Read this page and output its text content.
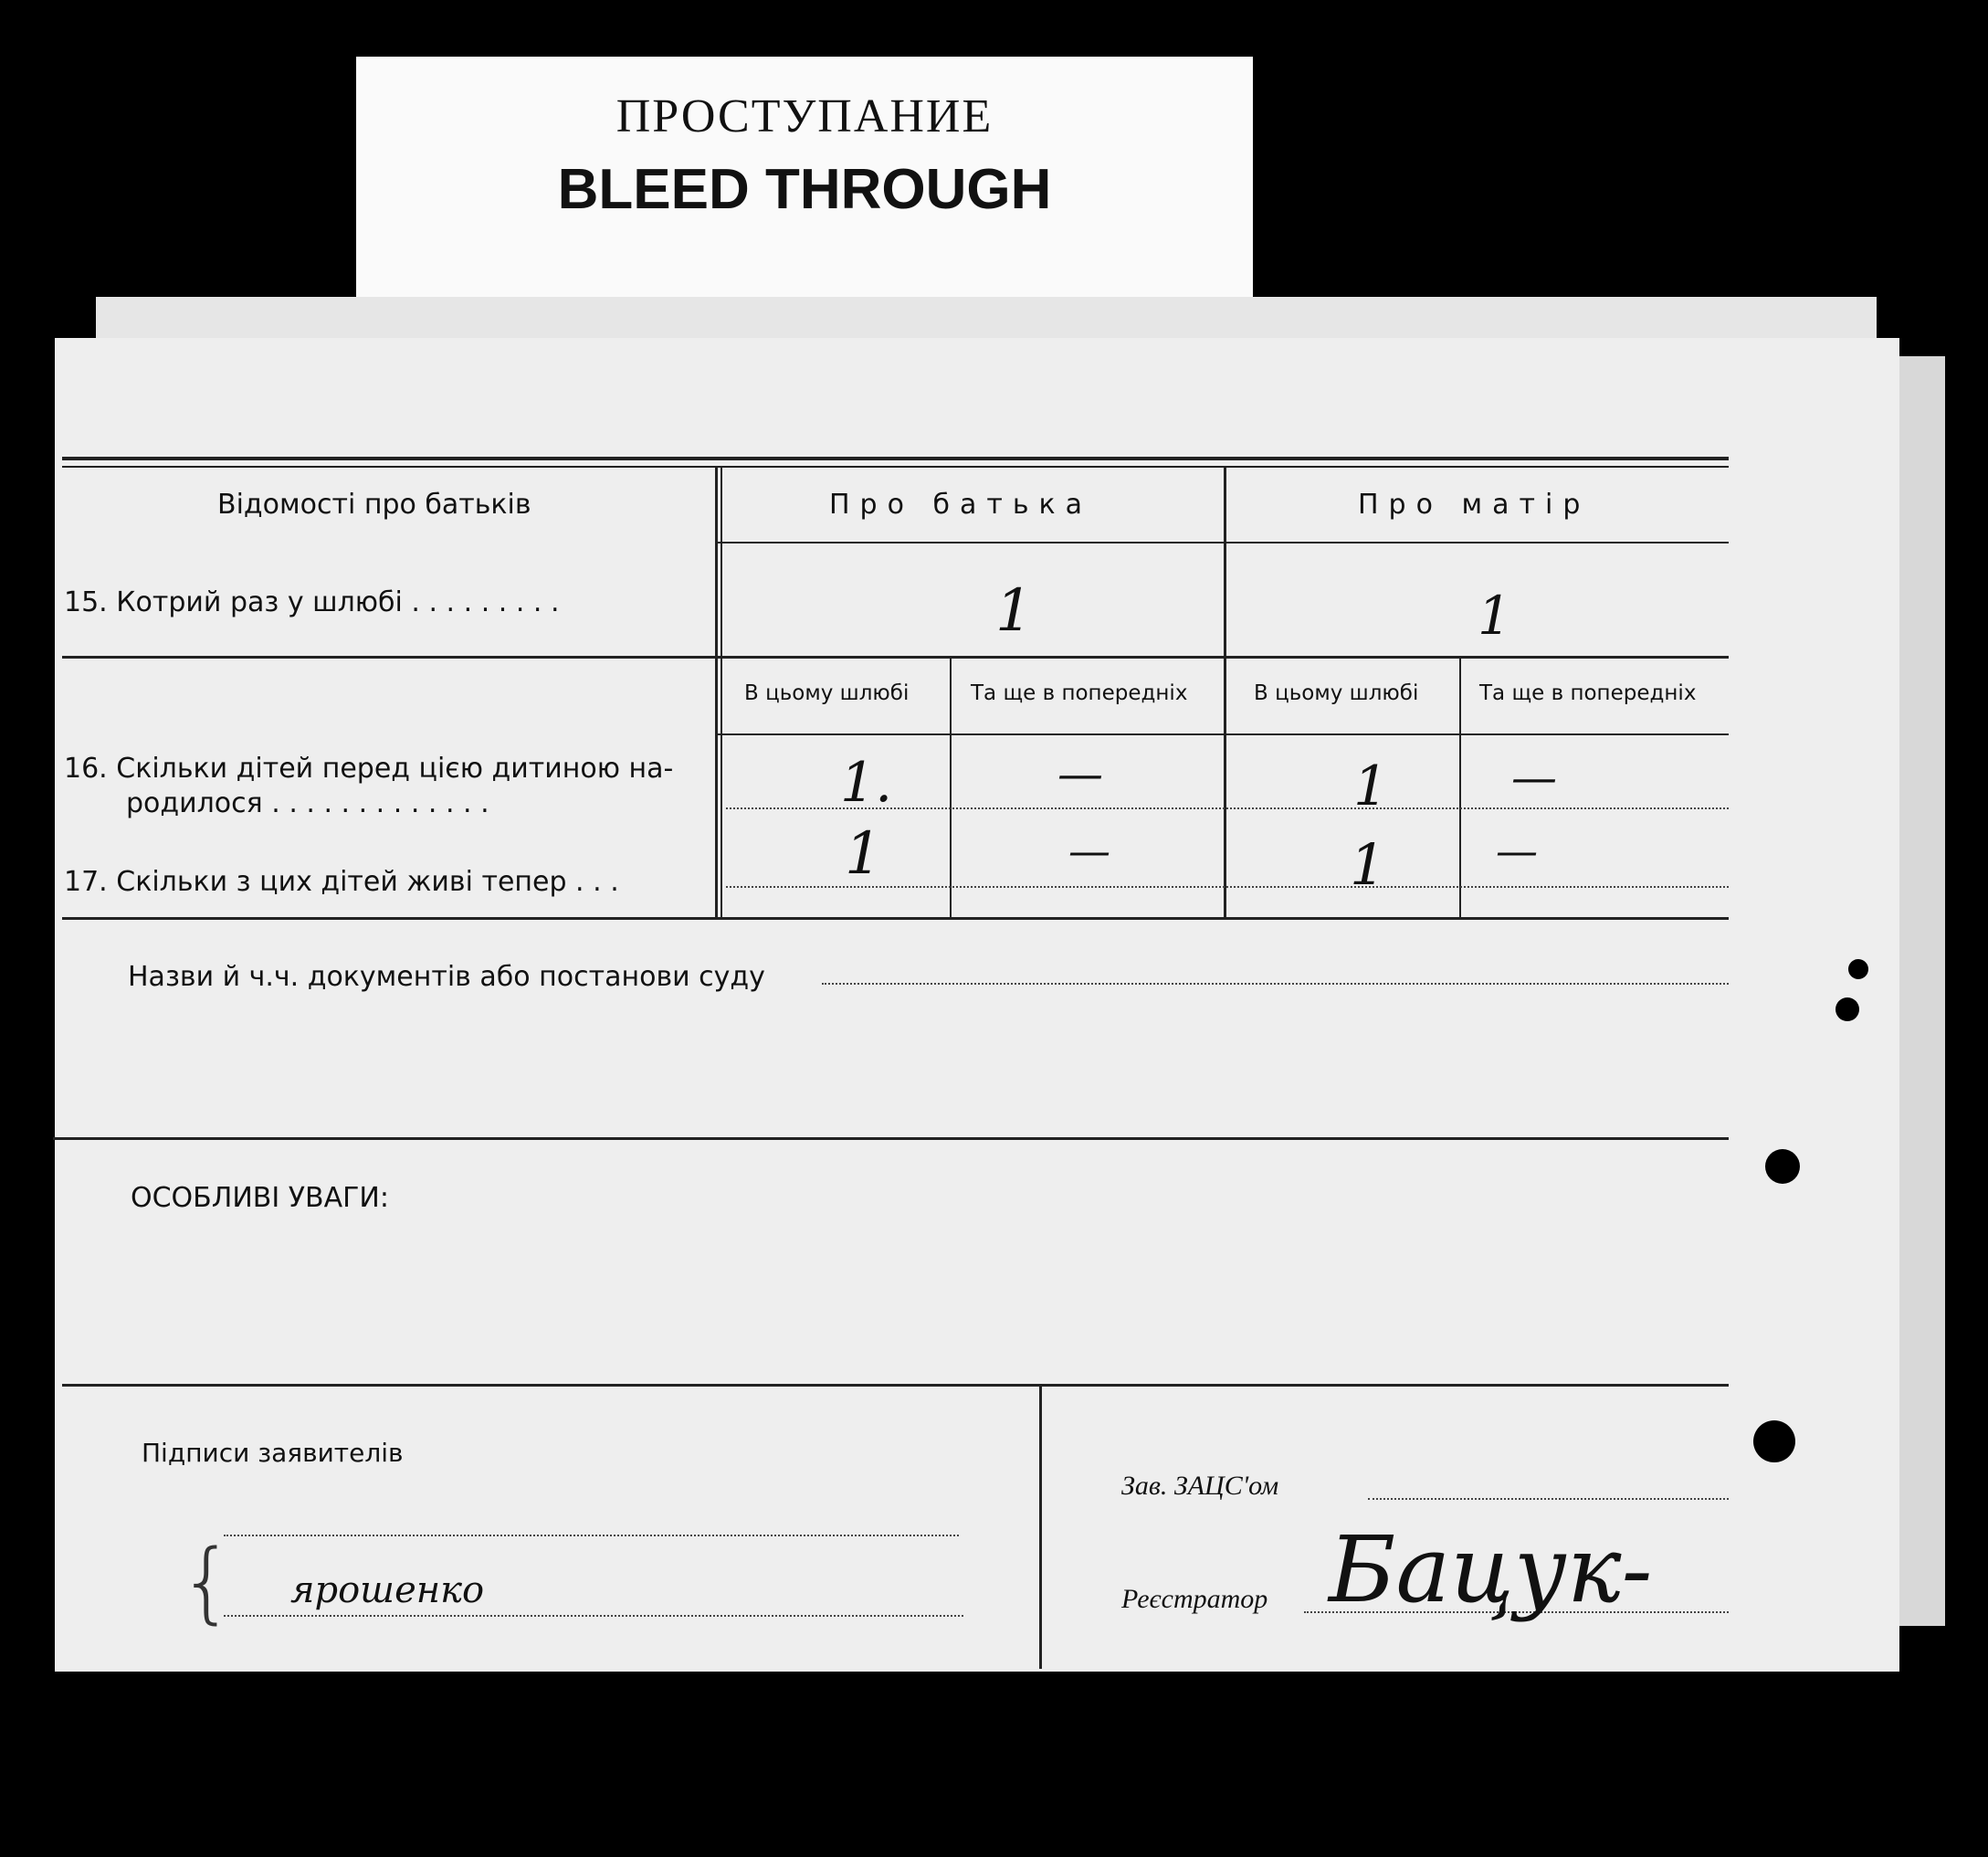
ПРОСТУПАНИЕ
BLEED THROUGH
Відомості про батьків	Про батька	Про матір
15. Котрий раз у шлюбі . . . . . . . . .	1	1
В цьому шлюбі	Та ще в попередніх	В цьому шлюбі	Та ще в попередніх
16. Скільки дітей перед цією дитиною на-
родилося . . . . . . . . . . . . .	1.	—	1	—
17. Скільки з цих дітей живі тепер . . .	1	—	1	—
Назви й ч.ч. документів або постанови суду
ОСОБЛИВІ УВАГИ:
Підписи заявителів
ярошенко
{
Зав. ЗАЦС'ом
Реєстратор Бацук-
